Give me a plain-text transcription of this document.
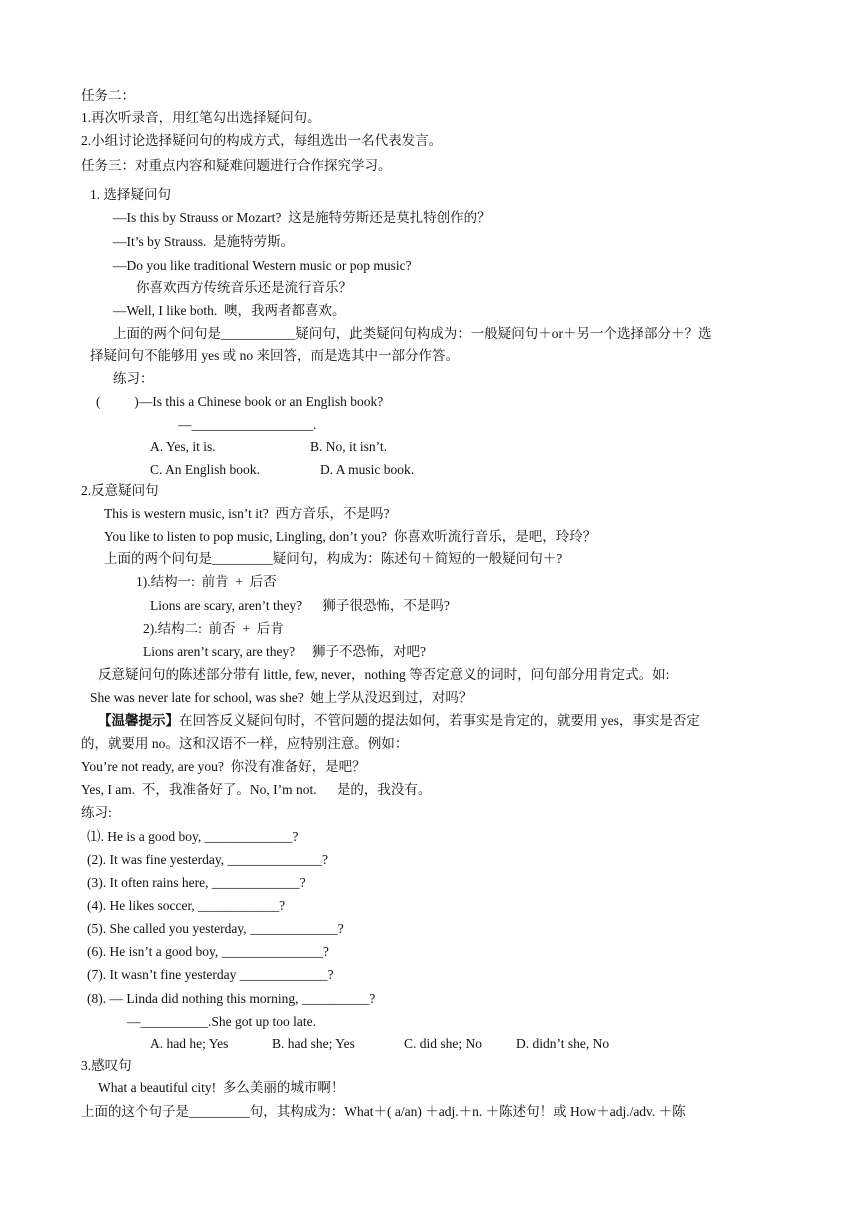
任务二：
1.再次听录音，用红笔勾出选择疑问句。
2.小组讨论选择疑问句的构成方式，每组选出一名代表发言。
任务三：对重点内容和疑难问题进行合作探究学习。
1. 选择疑问句
—Is this by Strauss or Mozart?  这是施特劳斯还是莫扎特创作的？
—It’s by Strauss.  是施特劳斯。
—Do you like traditional Western music or pop music?
你喜欢西方传统音乐还是流行音乐？
—Well, I like both.  噢，我两者都喜欢。
上面的两个问句是___________疑问句，此类疑问句构成为：一般疑问句＋or＋另一个选择部分＋？选
择疑问句不能够用 yes 或 no 来回答，而是选其中一部分作答。
练习：
(          )—Is this a Chinese book or an English book?
—__________________.
A. Yes, it is.	B. No, it isn’t.
C. An English book.	D. A music book.
2.反意疑问句
This is western music, isn’t it?  西方音乐，不是吗?
You like to listen to pop music, Lingling, don’t you?  你喜欢听流行音乐，是吧，玲玲？
上面的两个问句是_________疑问句，构成为：陈述句＋简短的一般疑问句＋?
1).结构一:  前肯  +  后否
Lions are scary, aren’t they?      狮子很恐怖，不是吗?
2).结构二:  前否  +  后肯
Lions aren’t scary, are they?     狮子不恐怖，对吧?
反意疑问句的陈述部分带有 little, few, never，nothing 等否定意义的词时，问句部分用肯定式。如:
She was never late for school, was she?  她上学从没迟到过，对吗？
【温馨提示】在回答反义疑问句时，不管问题的提法如何，若事实是肯定的，就要用 yes，事实是否定
的，就要用 no。这和汉语不一样，应特别注意。例如：
You’re not ready, are you?  你没有准备好，是吧？
Yes, I am.  不，我准备好了。No, I’m not.      是的，我没有。
练习:
⑴. He is a good boy, _____________?
(2). It was fine yesterday, ______________?
(3). It often rains here, _____________?
(4). He likes soccer, ____________?
(5). She called you yesterday, _____________?
(6). He isn’t a good boy, _______________?
(7). It wasn’t fine yesterday _____________?
(8). — Linda did nothing this morning, __________?
—__________.She got up too late.
A. had he; Yes	B. had she; Yes	C. did she; No	D. didn’t she, No
3.感叹句
What a beautiful city!  多么美丽的城市啊！
上面的这个句子是_________句，其构成为：What＋( a/an) ＋adj.＋n. ＋陈述句！或 How＋adj./adv. ＋陈
